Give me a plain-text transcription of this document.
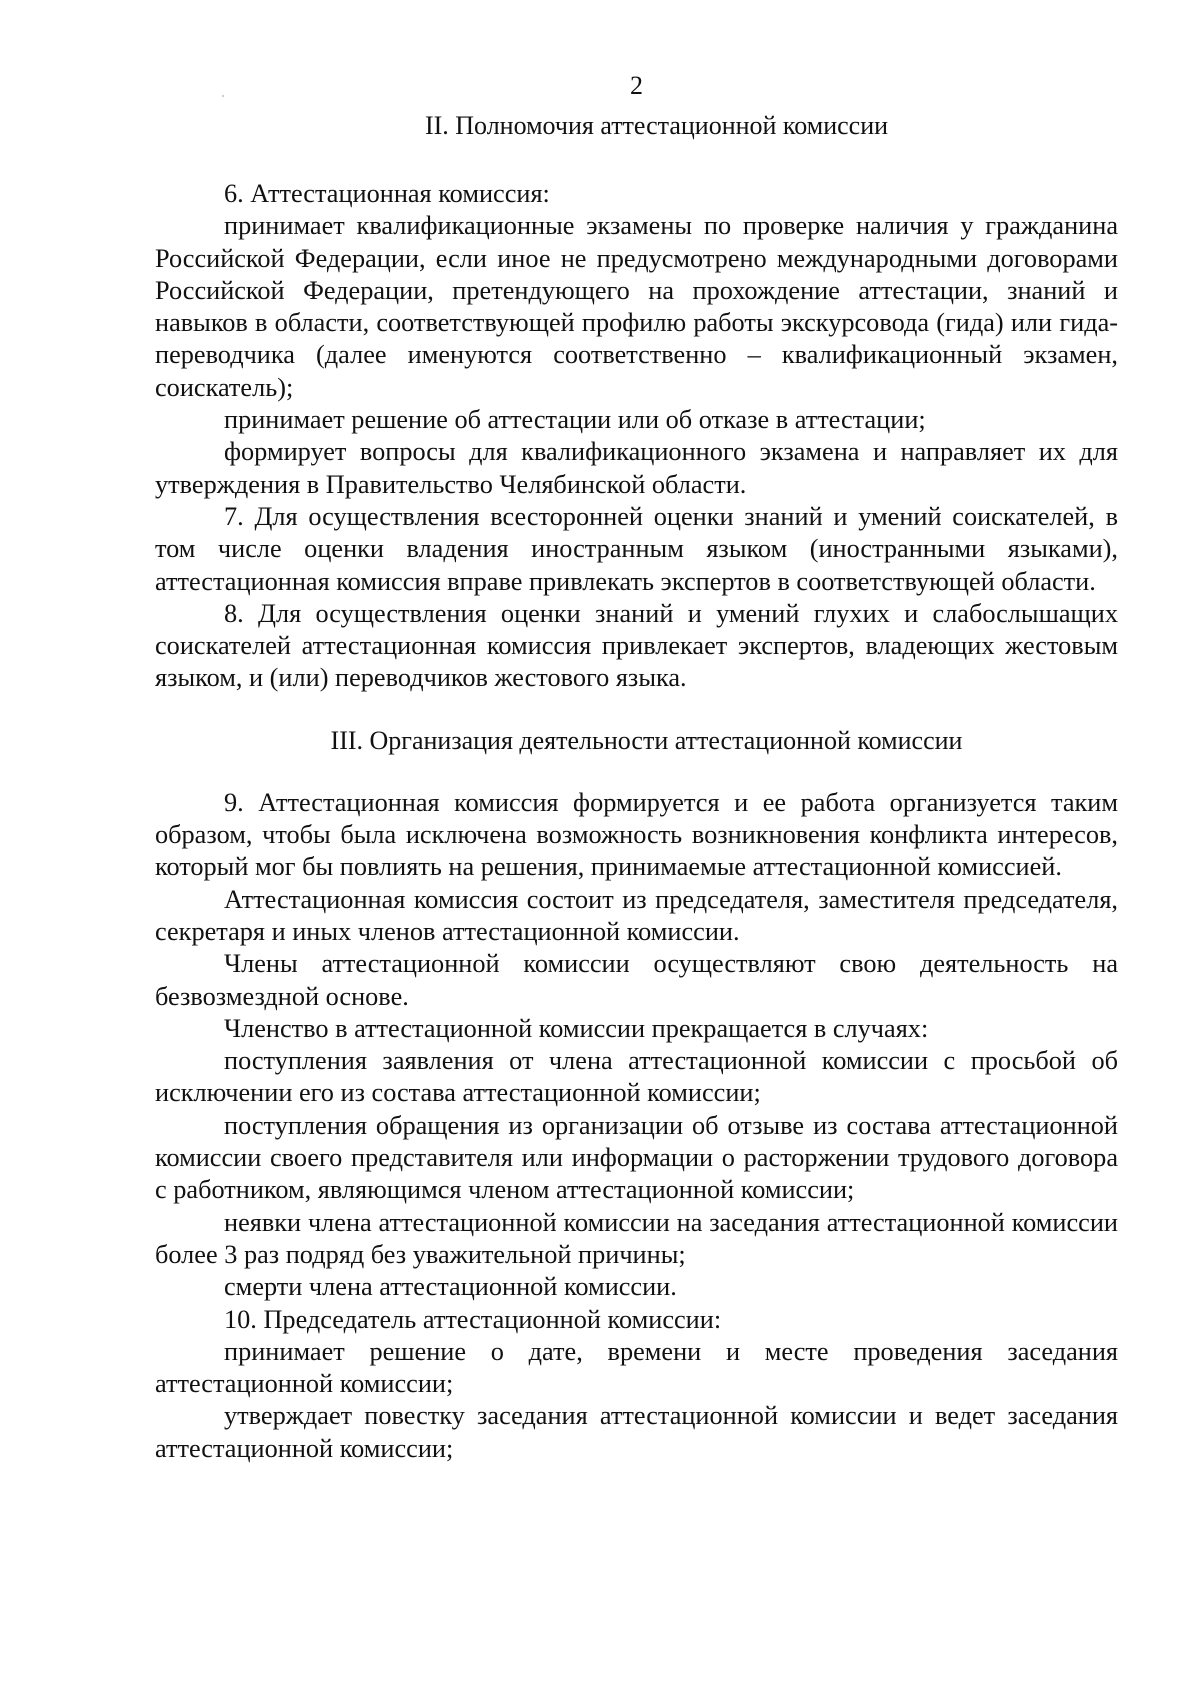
2
II. Полномочия аттестационной комиссии

6. Аттестационная комиссия:

принимает квалификационные экзамены по проверке наличия у гражданина Российской Федерации, если иное не предусмотрено международными договорами Российской Федерации, претендующего на прохождение аттестации, знаний и навыков в области, соответствующей профилю работы экскурсовода (гида) или гида-переводчика (далее именуются соответственно – квалификационный экзамен, соискатель);

принимает решение об аттестации или об отказе в аттестации;

формирует вопросы для квалификационного экзамена и направляет их для утверждения в Правительство Челябинской области.

7. Для осуществления всесторонней оценки знаний и умений соискателей, в том числе оценки владения иностранным языком (иностранными языками), аттестационная комиссия вправе привлекать экспертов в соответствующей области.

8. Для осуществления оценки знаний и умений глухих и слабослышащих соискателей аттестационная комиссия привлекает экспертов, владеющих жестовым языком, и (или) переводчиков жестового языка.

III. Организация деятельности аттестационной комиссии

9. Аттестационная комиссия формируется и ее работа организуется таким образом, чтобы была исключена возможность возникновения конфликта интересов, который мог бы повлиять на решения, принимаемые аттестационной комиссией.

Аттестационная комиссия состоит из председателя, заместителя председателя, секретаря и иных членов аттестационной комиссии.

Члены аттестационной комиссии осуществляют свою деятельность на безвозмездной основе.

Членство в аттестационной комиссии прекращается в случаях:

поступления заявления от члена аттестационной комиссии с просьбой об исключении его из состава аттестационной комиссии;

поступления обращения из организации об отзыве из состава аттестационной комиссии своего представителя или информации о расторжении трудового договора с работником, являющимся членом аттестационной комиссии;

неявки члена аттестационной комиссии на заседания аттестационной комиссии более 3 раз подряд без уважительной причины;

смерти члена аттестационной комиссии.

10. Председатель аттестационной комиссии:

принимает решение о дате, времени и месте проведения заседания аттестационной комиссии;

утверждает повестку заседания аттестационной комиссии и ведет заседания аттестационной комиссии;
